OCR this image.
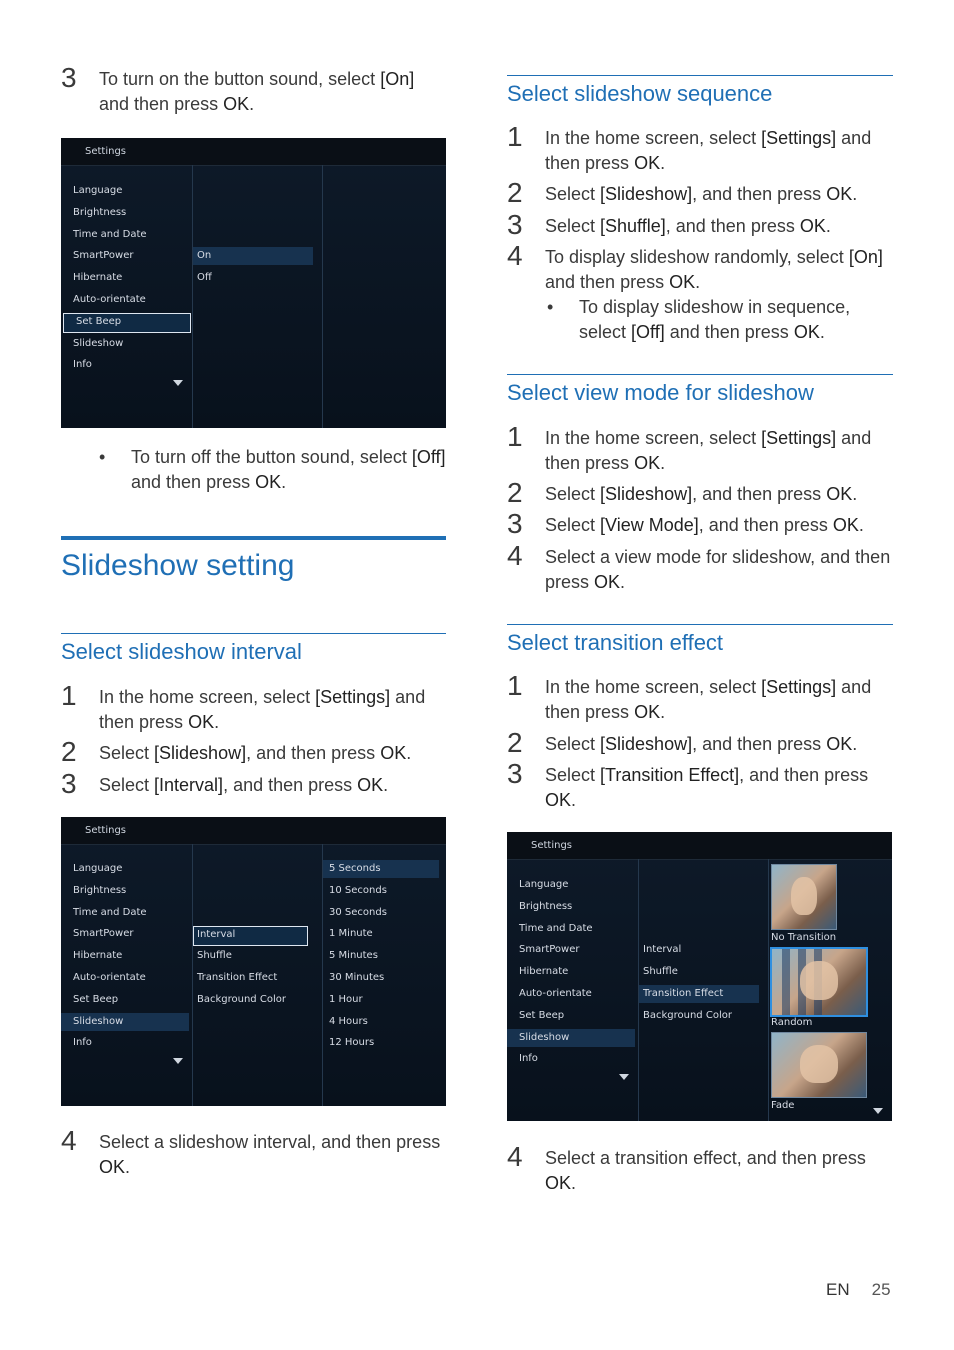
3	To turn on the button sound, select [On] and then press OK.
Settings
Language
Brightness
Time and Date
SmartPower
Hibernate
Auto-orientate
Set Beep
Slideshow
Info
On
Off
• To turn off the button sound, select [Off] and then press OK.
Slideshow setting
Select slideshow interval
1	In the home screen, select [Settings] and then press OK.
2	Select [Slideshow], and then press OK.
3	Select [Interval], and then press OK.
Settings
Language
Brightness
Time and Date
SmartPower
Hibernate
Auto-orientate
Set Beep
Slideshow
Info
Interval
Shuffle
Transition Effect
Background Color
5 Seconds
10 Seconds
30 Seconds
1 Minute
5 Minutes
30 Minutes
1 Hour
4 Hours
12 Hours
4	Select a slideshow interval, and then press OK.
Select slideshow sequence
1	In the home screen, select [Settings] and then press OK.
2	Select [Slideshow], and then press OK.
3	Select [Shuffle], and then press OK.
4	To display slideshow randomly, select [On] and then press OK.
• To display slideshow in sequence, select [Off] and then press OK.
Select view mode for slideshow
1	In the home screen, select [Settings] and then press OK.
2	Select [Slideshow], and then press OK.
3	Select [View Mode], and then press OK.
4	Select a view mode for slideshow, and then press OK.
Select transition effect
1	In the home screen, select [Settings] and then press OK.
2	Select [Slideshow], and then press OK.
3	Select [Transition Effect], and then press OK.
Settings
Language
Brightness
Time and Date
SmartPower
Hibernate
Auto-orientate
Set Beep
Slideshow
Info
Interval
Shuffle
Transition Effect
Background Color
No Transition
Random
Fade
4	Select a transition effect, and then press OK.
EN 25
